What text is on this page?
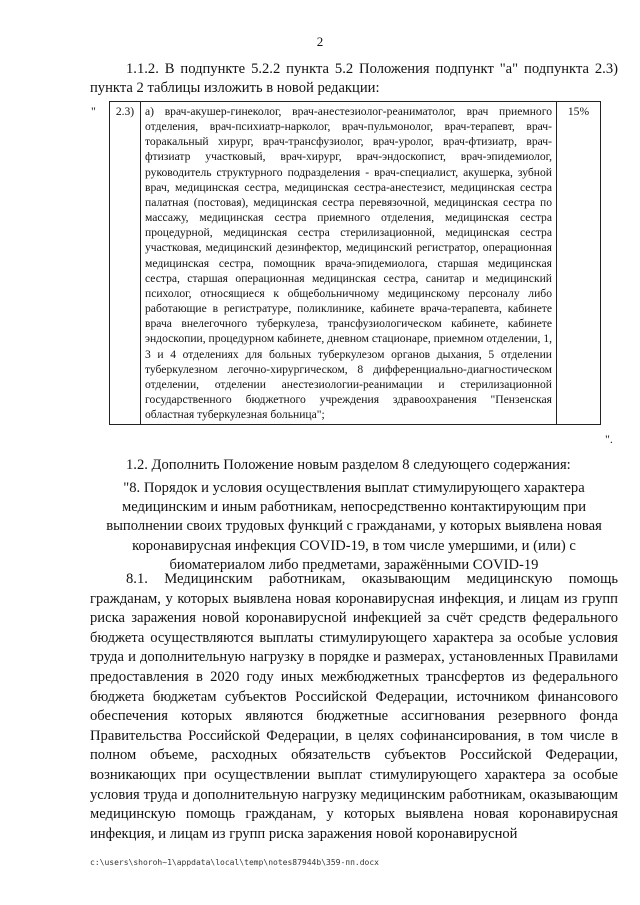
2

1.1.2. В подпункте 5.2.2 пункта 5.2 Положения подпункт "а" подпункта 2.3) пункта 2 таблицы изложить в новой редакции:

" 2.3)	а) врач-акушер-гинеколог, врач-анестезиолог-реаниматолог, врач приемного отделения, врач-психиатр-нарколог, врач-пульмонолог, врач-терапевт, врач-торакальный хирург, врач-трансфузиолог, врач-уролог, врач-фтизиатр, врач-фтизиатр участковый, врач-хирург, врач-эндоскопист, врач-эпидемиолог, руководитель структурного подразделения - врач-специалист, акушерка, зубной врач, медицинская сестра, медицинская сестра-анестезист, медицинская сестра палатная (постовая), медицинская сестра перевязочной, медицинская сестра по массажу, медицинская сестра приемного отделения, медицинская сестра процедурной, медицинская сестра стерилизационной, медицинская сестра участковая, медицинский дезинфектор, медицинский регистратор, операционная медицинская сестра, помощник врача-эпидемиолога, старшая медицинская сестра, старшая операционная медицинская сестра, санитар и медицинский психолог, относящиеся к общебольничному медицинскому персоналу либо работающие в регистратуре, поликлинике, кабинете врача-терапевта, кабинете врача внелегочного туберкулеза, трансфузиологическом кабинете, кабинете эндоскопии, процедурном кабинете, дневном стационаре, приемном отделении, 1, 3 и 4 отделениях для больных туберкулезом органов дыхания, 5 отделении туберкулезном легочно-хирургическом, 8 дифференциально-диагностическом отделении, отделении анестезиологии-реанимации и стерилизационной государственного бюджетного учреждения здравоохранения "Пензенская областная туберкулезная больница";	15%
".

1.2. Дополнить Положение новым разделом 8 следующего содержания:

"8. Порядок и условия осуществления выплат стимулирующего характера медицинским и иным работникам, непосредственно контактирующим при выполнении своих трудовых функций с гражданами, у которых выявлена новая коронавирусная инфекция COVID-19, в том числе умершими, и (или) с биоматериалом либо предметами, заражёнными COVID-19

8.1. Медицинским работникам, оказывающим медицинскую помощь гражданам, у которых выявлена новая коронавирусная инфекция, и лицам из групп риска заражения новой коронавирусной инфекцией за счёт средств федерального бюджета осуществляются выплаты стимулирующего характера за особые условия труда и дополнительную нагрузку в порядке и размерах, установленных Правилами предоставления в 2020 году иных межбюджетных трансфертов из федерального бюджета бюджетам субъектов Российской Федерации, источником финансового обеспечения которых являются бюджетные ассигнования резервного фонда Правительства Российской Федерации, в целях софинансирования, в том числе в полном объеме, расходных обязательств субъектов Российской Федерации, возникающих при осуществлении выплат стимулирующего характера за особые условия труда и дополнительную нагрузку медицинским работникам, оказывающим медицинскую помощь гражданам, у которых выявлена новая коронавирусная инфекция, и лицам из групп риска заражения новой коронавирусной

c:\users\shoroh~1\appdata\local\temp\notes87944b\359-пп.docx
